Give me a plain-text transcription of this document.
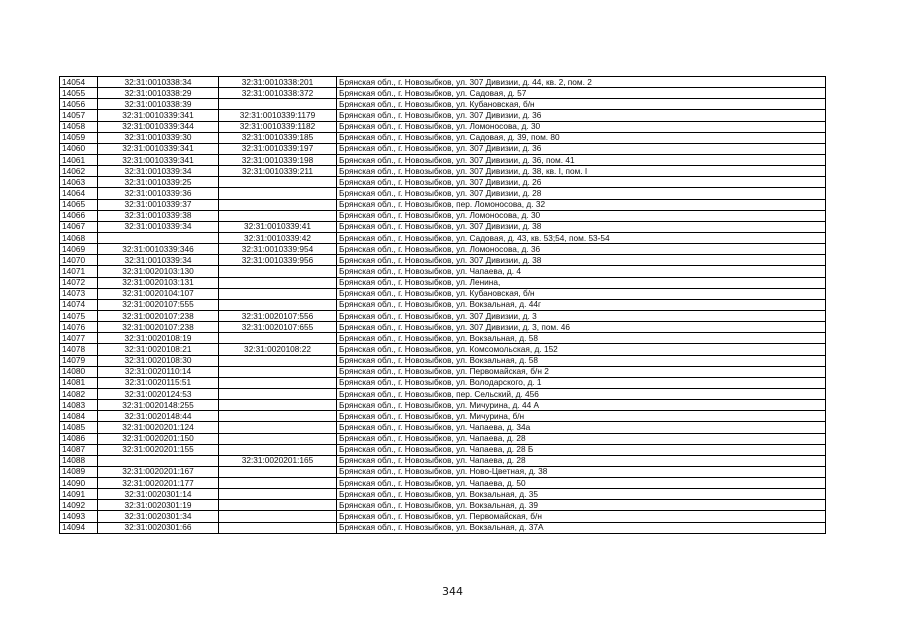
14054	32:31:0010338:34	32:31:0010338:201	Брянская обл., г. Новозыбков, ул. 307 Дивизии, д. 44, кв. 2, пом. 2
14055	32:31:0010338:29	32:31:0010338:372	Брянская обл., г. Новозыбков, ул. Садовая, д. 57
14056	32:31:0010338:39		Брянская обл., г. Новозыбков, ул. Кубановская, б/н
14057	32:31:0010339:341	32:31:0010339:1179	Брянская обл., г. Новозыбков, ул. 307 Дивизии, д. 36
14058	32:31:0010339:344	32:31:0010339:1182	Брянская обл., г. Новозыбков, ул. Ломоносова, д. 30
14059	32:31:0010339:30	32:31:0010339:185	Брянская обл., г. Новозыбков, ул. Садовая, д. 39, пом. 80
14060	32:31:0010339:341	32:31:0010339:197	Брянская обл., г. Новозыбков, ул. 307 Дивизии, д. 36
14061	32:31:0010339:341	32:31:0010339:198	Брянская обл., г. Новозыбков, ул. 307 Дивизии, д. 36, пом. 41
14062	32:31:0010339:34	32:31:0010339:211	Брянская обл., г. Новозыбков, ул. 307 Дивизии, д. 38, кв. I, пом. I
14063	32:31:0010339:25		Брянская обл., г. Новозыбков, ул. 307 Дивизии, д. 26
14064	32:31:0010339:36		Брянская обл., г. Новозыбков, ул. 307 Дивизии, д. 28
14065	32:31:0010339:37		Брянская обл., г. Новозыбков, пер. Ломоносова, д. 32
14066	32:31:0010339:38		Брянская обл., г. Новозыбков, ул. Ломоносова, д. 30
14067	32:31:0010339:34	32:31:0010339:41	Брянская обл., г. Новозыбков, ул. 307 Дивизии, д. 38
14068		32:31:0010339:42	Брянская обл., г. Новозыбков, ул. Садовая, д. 43, кв. 53;54, пом. 53-54
14069	32:31:0010339:346	32:31:0010339:954	Брянская обл., г. Новозыбков, ул. Ломоносова, д. 36
14070	32:31:0010339:34	32:31:0010339:956	Брянская обл., г. Новозыбков, ул. 307 Дивизии, д. 38
14071	32:31:0020103:130		Брянская обл., г. Новозыбков, ул. Чапаева, д. 4
14072	32:31:0020103:131		Брянская обл., г. Новозыбков, ул. Ленина,
14073	32:31:0020104:107		Брянская обл., г. Новозыбков, ул. Кубановская, б/н
14074	32:31:0020107:555		Брянская обл., г. Новозыбков, ул. Вокзальная, д. 44г
14075	32:31:0020107:238	32:31:0020107:556	Брянская обл., г. Новозыбков, ул. 307 Дивизии, д. 3
14076	32:31:0020107:238	32:31:0020107:655	Брянская обл., г. Новозыбков, ул. 307 Дивизии, д. 3, пом. 46
14077	32:31:0020108:19		Брянская обл., г. Новозыбков, ул. Вокзальная, д. 58
14078	32:31:0020108:21	32:31:0020108:22	Брянская обл., г. Новозыбков, ул. Комсомольская, д. 152
14079	32:31:0020108:30		Брянская обл., г. Новозыбков, ул. Вокзальная, д. 58
14080	32:31:0020110:14		Брянская обл., г. Новозыбков, ул. Первомайская, б/н 2
14081	32:31:0020115:51		Брянская обл., г. Новозыбков, ул. Володарского, д. 1
14082	32:31:0020124:53		Брянская обл., г. Новозыбков, пер. Сельский, д. 456
14083	32:31:0020148:255		Брянская обл., г. Новозыбков, ул. Мичурина, д. 44 А
14084	32:31:0020148:44		Брянская обл., г. Новозыбков, ул. Мичурина, б/н
14085	32:31:0020201:124		Брянская обл., г. Новозыбков, ул. Чапаева, д. 34а
14086	32:31:0020201:150		Брянская обл., г. Новозыбков, ул. Чапаева, д. 28
14087	32:31:0020201:155		Брянская обл., г. Новозыбков, ул. Чапаева, д. 28 Б
14088		32:31:0020201:165	Брянская обл., г. Новозыбков, ул. Чапаева, д. 28
14089	32:31:0020201:167		Брянская обл., г. Новозыбков, ул. Ново-Цветная, д. 38
14090	32:31:0020201:177		Брянская обл., г. Новозыбков, ул. Чапаева, д. 50
14091	32:31:0020301:14		Брянская обл., г. Новозыбков, ул. Вокзальная, д. 35
14092	32:31:0020301:19		Брянская обл., г. Новозыбков, ул. Вокзальная, д. 39
14093	32:31:0020301:34		Брянская обл., г. Новозыбков, ул. Первомайская, б/н
14094	32:31:0020301:66		Брянская обл., г. Новозыбков, ул. Вокзальная, д. 37А
344
